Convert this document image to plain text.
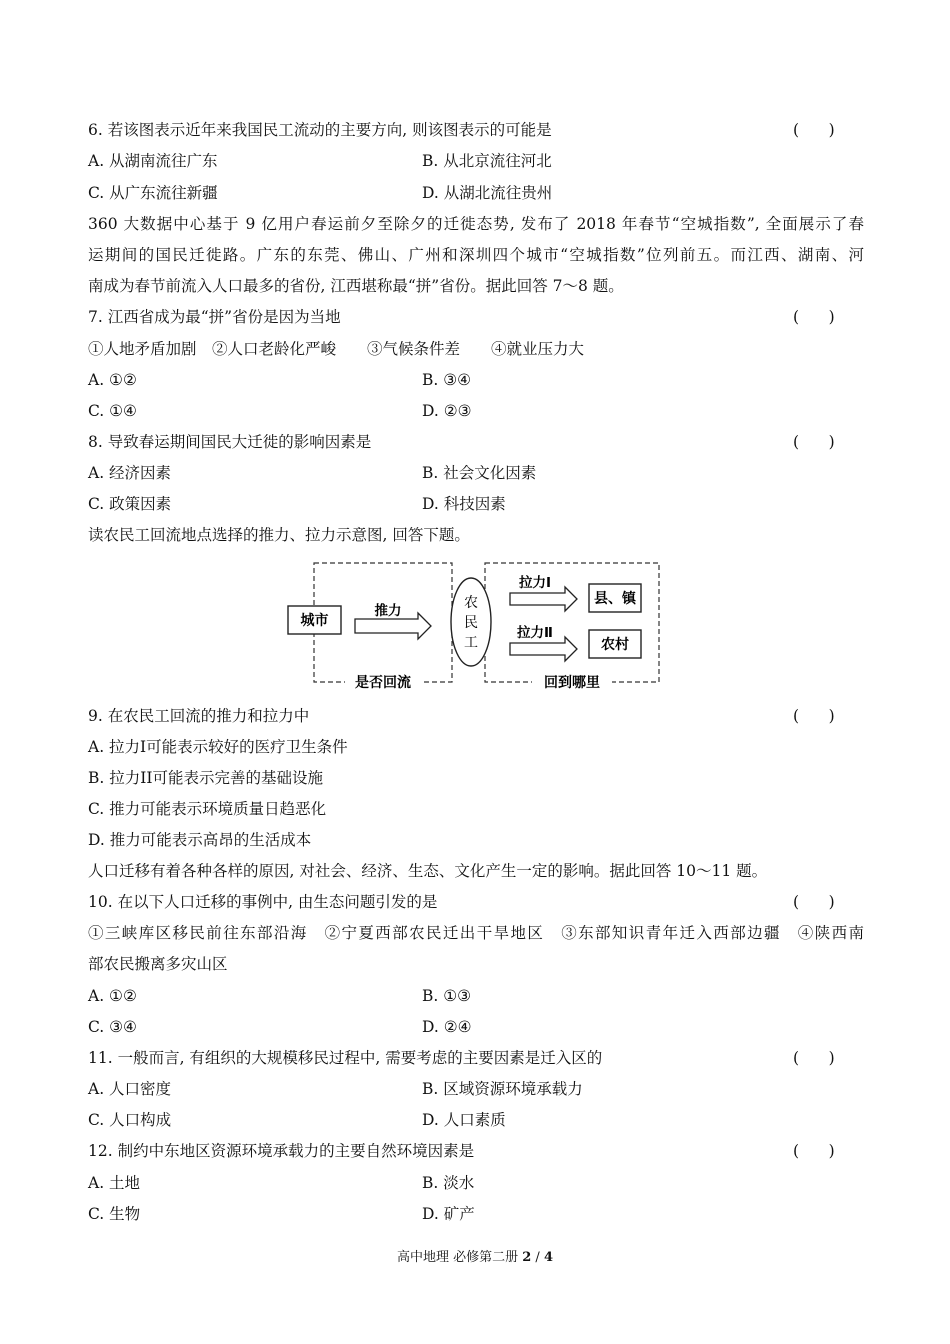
6. 若该图表示近年来我国民工流动的主要方向, 则该图表示的可能是	(      )
A. 从湖南流往广东	B. 从北京流往河北
C. 从广东流往新疆	D. 从湖北流往贵州
360 大数据中心基于 9 亿用户春运前夕至除夕的迁徙态势, 发布了 2018 年春节“空城指数”, 全面展示了春
运期间的国民迁徙路。广东的东莞、佛山、广州和深圳四个城市“空城指数”位列前五。而江西、湖南、河
南成为春节前流入人口最多的省份, 江西堪称最“拼”省份。据此回答 7～8 题。
7. 江西省成为最“拼”省份是因为当地	(      )
①人地矛盾加剧　②人口老龄化严峻　　③气候条件差　　④就业压力大
A. ①②	B. ③④
C. ①④	D. ②③
8. 导致春运期间国民大迁徙的影响因素是	(      )
A. 经济因素	B. 社会文化因素
C. 政策因素	D. 科技因素
读农民工回流地点选择的推力、拉力示意图, 回答下题。
城市
推力	农
民
工
拉力Ⅰ
拉力Ⅱ
县、镇
农村
是否回流	回到哪里
9. 在农民工回流的推力和拉力中	(      )
A. 拉力I可能表示较好的医疗卫生条件
B. 拉力II可能表示完善的基础设施
C. 推力可能表示环境质量日趋恶化
D. 推力可能表示高昂的生活成本
人口迁移有着各种各样的原因, 对社会、经济、生态、文化产生一定的影响。据此回答 10～11 题。
10. 在以下人口迁移的事例中, 由生态问题引发的是	(      )
①三峡库区移民前往东部沿海　②宁夏西部农民迁出干旱地区　③东部知识青年迁入西部边疆　④陕西南
部农民搬离多灾山区
A. ①②	B. ①③
C. ③④	D. ②④
11. 一般而言, 有组织的大规模移民过程中, 需要考虑的主要因素是迁入区的	(      )
A. 人口密度	B. 区域资源环境承载力
C. 人口构成	D. 人口素质
12. 制约中东地区资源环境承载力的主要自然环境因素是	(      )
A. 土地	B. 淡水
C. 生物	D. 矿产
高中地理 必修第二册 2 / 4
